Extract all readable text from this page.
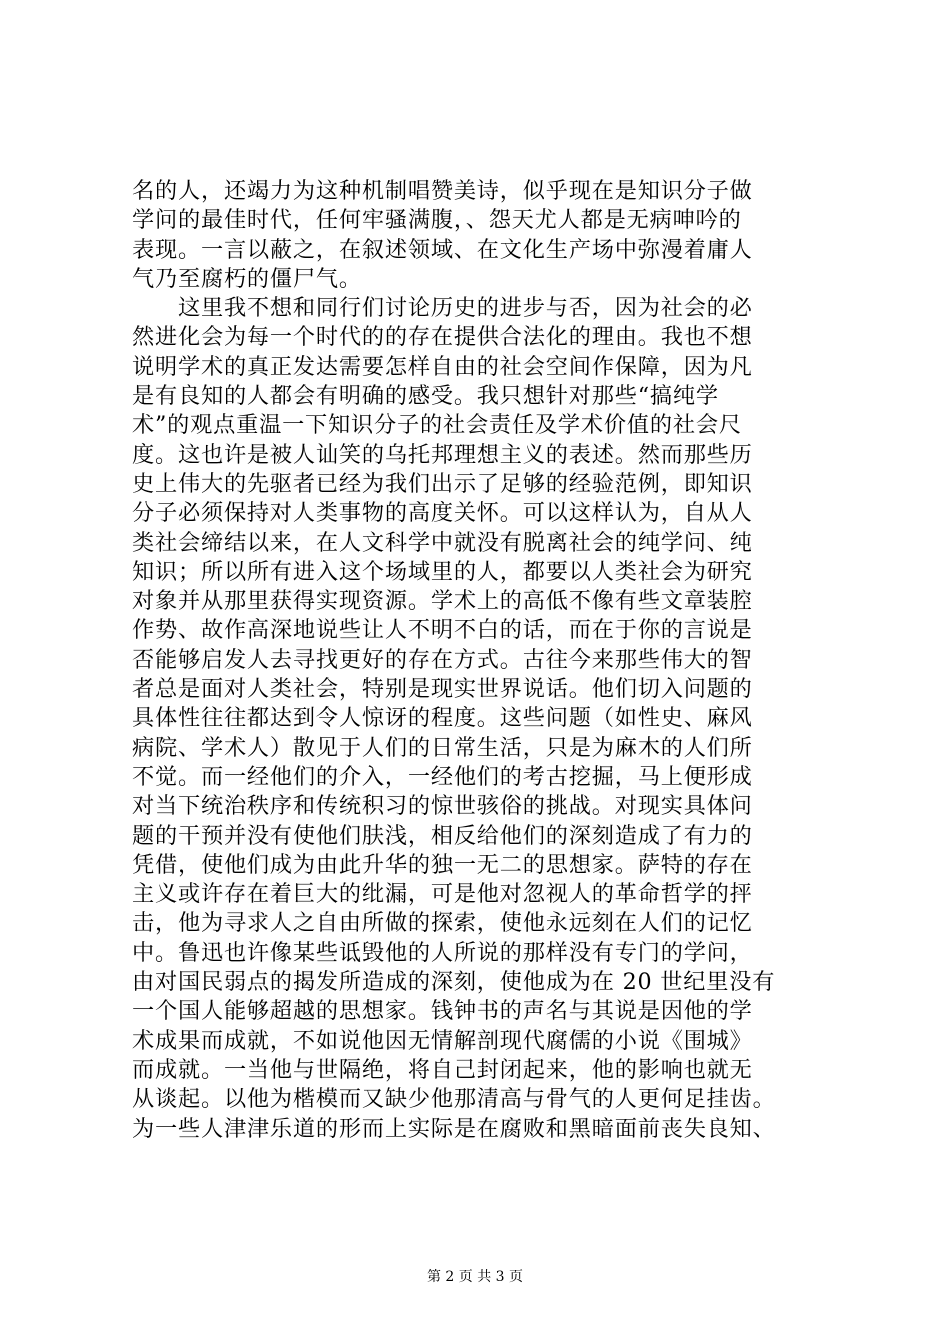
名的人，还竭力为这种机制唱赞美诗，似乎现在是知识分子做
学问的最佳时代，任何牢骚满腹，、怨天尤人都是无病呻吟的
表现。一言以蔽之，在叙述领域、在文化生产场中弥漫着庸人
气乃至腐朽的僵尸气。
　　这里我不想和同行们讨论历史的进步与否，因为社会的必
然进化会为每一个时代的的存在提供合法化的理由。我也不想
说明学术的真正发达需要怎样自由的社会空间作保障，因为凡
是有良知的人都会有明确的感受。我只想针对那些“搞纯学
术”的观点重温一下知识分子的社会责任及学术价值的社会尺
度。这也许是被人讪笑的乌托邦理想主义的表述。然而那些历
史上伟大的先驱者已经为我们出示了足够的经验范例，即知识
分子必须保持对人类事物的高度关怀。可以这样认为，自从人
类社会缔结以来，在人文科学中就没有脱离社会的纯学问、纯
知识；所以所有进入这个场域里的人，都要以人类社会为研究
对象并从那里获得实现资源。学术上的高低不像有些文章装腔
作势、故作高深地说些让人不明不白的话，而在于你的言说是
否能够启发人去寻找更好的存在方式。古往今来那些伟大的智
者总是面对人类社会，特别是现实世界说话。他们切入问题的
具体性往往都达到令人惊讶的程度。这些问题（如性史、麻风
病院、学术人）散见于人们的日常生活，只是为麻木的人们所
不觉。而一经他们的介入，一经他们的考古挖掘，马上便形成
对当下统治秩序和传统积习的惊世骇俗的挑战。对现实具体问
题的干预并没有使他们肤浅，相反给他们的深刻造成了有力的
凭借，使他们成为由此升华的独一无二的思想家。萨特的存在
主义或许存在着巨大的纰漏，可是他对忽视人的革命哲学的抨
击，他为寻求人之自由所做的探索，使他永远刻在人们的记忆
中。鲁迅也许像某些诋毁他的人所说的那样没有专门的学问，
由对国民弱点的揭发所造成的深刻，使他成为在 20 世纪里没有
一个国人能够超越的思想家。钱钟书的声名与其说是因他的学
术成果而成就，不如说他因无情解剖现代腐儒的小说《围城》
而成就。一当他与世隔绝，将自己封闭起来，他的影响也就无
从谈起。以他为楷模而又缺少他那清高与骨气的人更何足挂齿。
为一些人津津乐道的形而上实际是在腐败和黑暗面前丧失良知、
第 2 页 共 3 页
